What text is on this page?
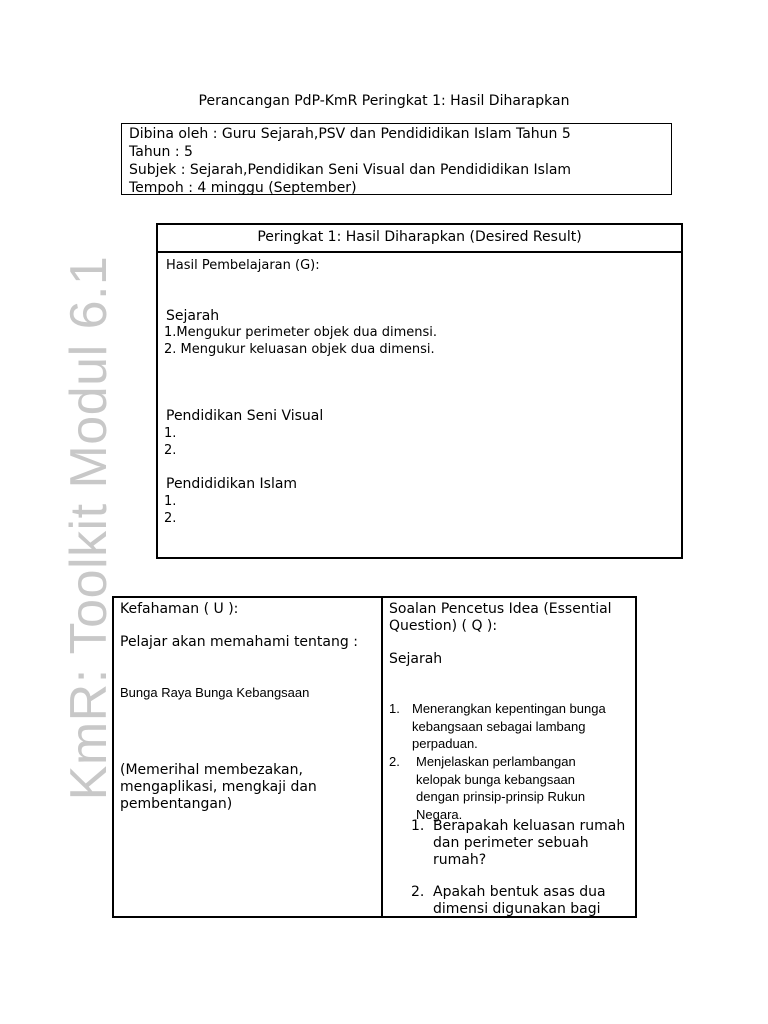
KmR: Toolkit Modul 6.1
Perancangan PdP-KmR Peringkat 1: Hasil Diharapkan
Dibina oleh : Guru Sejarah,PSV dan Pendididikan Islam Tahun 5
Tahun : 5
Subjek : Sejarah,Pendidikan Seni Visual dan Pendididikan Islam
Tempoh : 4 minggu (September)
Peringkat 1: Hasil Diharapkan (Desired Result)
Hasil Pembelajaran (G):
Sejarah
1.Mengukur perimeter objek dua dimensi.
2. Mengukur keluasan objek dua dimensi.
Pendidikan Seni Visual
1.
2.
Pendididikan Islam
1.
2.
Kefahaman ( U ):
Pelajar akan memahami tentang :
Bunga Raya Bunga Kebangsaan
(Memerihal membezakan,
mengaplikasi, mengkaji dan
pembentangan)
Soalan Pencetus Idea (Essential
Question) ( Q ):
Sejarah
1. Menerangkan kepentingan bunga
kebangsaan sebagai lambang
perpaduan.
2. Menjelaskan perlambangan
kelopak bunga kebangsaan
dengan prinsip-prinsip Rukun
Negara.
1. Berapakah keluasan rumah
dan perimeter sebuah
rumah?
2. Apakah bentuk asas dua
dimensi digunakan bagi
